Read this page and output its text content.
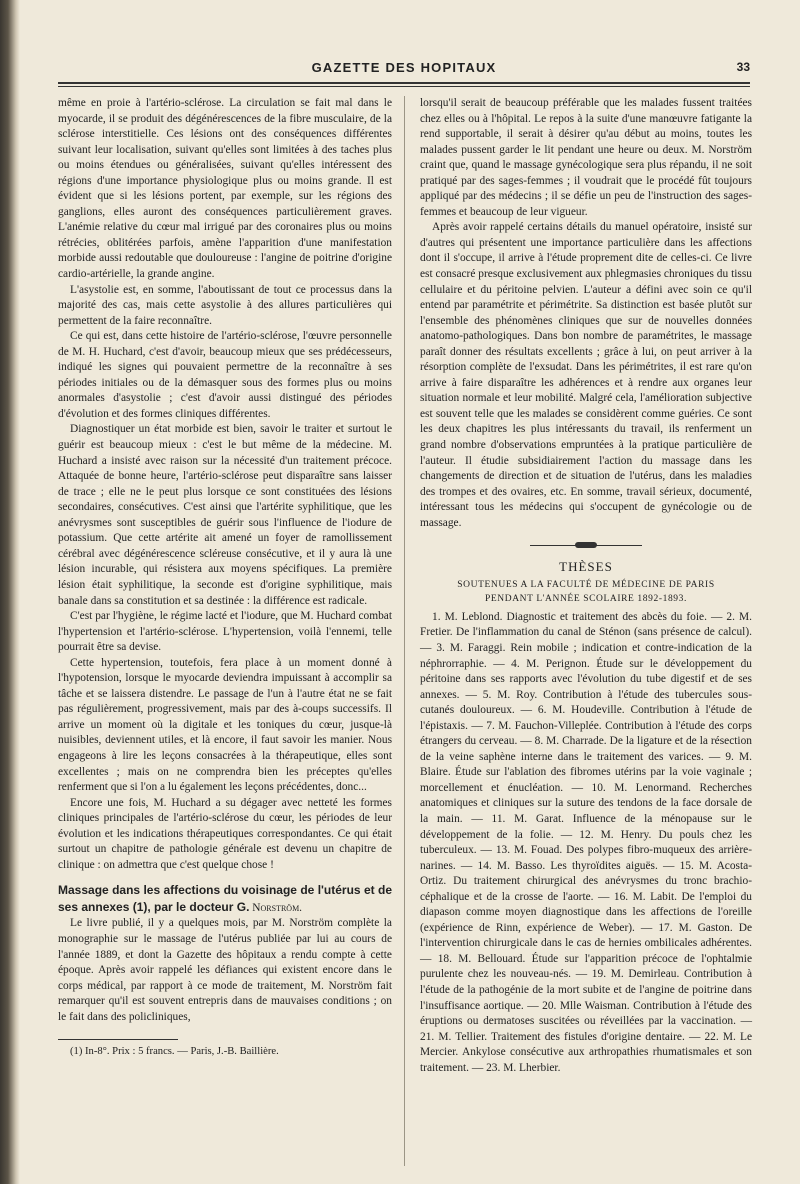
GAZETTE DES HOPITAUX	33

même en proie à l'artério-sclérose. La circulation se fait mal dans le myocarde, il se produit des dégénérescences de la fibre musculaire, de la sclérose interstitielle. Ces lésions ont des conséquences différentes suivant leur localisation, suivant qu'elles sont limitées à des taches plus ou moins étendues ou généralisées, suivant qu'elles intéressent des régions d'une importance physiologique plus ou moins grande. Il est évident que si les lésions portent, par exemple, sur les régions des ganglions, elles auront des conséquences particulièrement graves. L'anémie relative du cœur mal irrigué par des coronaires plus ou moins rétrécies, oblitérées parfois, amène l'apparition d'une manifestation morbide aussi redoutable que douloureuse : l'angine de poitrine d'origine cardio-artérielle, la grande angine.

L'asystolie est, en somme, l'aboutissant de tout ce processus dans la majorité des cas, mais cette asystolie à des allures particulières qui permettent de la faire reconnaître.

Ce qui est, dans cette histoire de l'artério-sclérose, l'œuvre personnelle de M. H. Huchard, c'est d'avoir, beaucoup mieux que ses prédécesseurs, indiqué les signes qui pouvaient permettre de la reconnaître à ses périodes initiales ou de la démasquer sous des formes plus ou moins anormales d'asystolie ; c'est d'avoir aussi distingué des périodes d'évolution et des formes cliniques différentes.

Diagnostiquer un état morbide est bien, savoir le traiter et surtout le guérir est beaucoup mieux : c'est le but même de la médecine. M. Huchard a insisté avec raison sur la nécessité d'un traitement précoce. Attaquée de bonne heure, l'artério-sclérose peut disparaître sans laisser de trace ; elle ne le peut plus lorsque ce sont constituées des lésions secondaires, consécutives. C'est ainsi que l'artérite syphilitique, que les anévrysmes sont susceptibles de guérir sous l'influence de l'iodure de potassium. Que cette artérite ait amené un foyer de ramollissement cérébral avec dégénérescence scléreuse consécutive, et il y aura là une lésion incurable, qui résistera aux moyens spécifiques. La première lésion était syphilitique, la seconde est d'origine syphilitique, mais banale dans sa constitution et sa destinée : la différence est radicale.

C'est par l'hygiène, le régime lacté et l'iodure, que M. Huchard combat l'hypertension et l'artério-sclérose. L'hypertension, voilà l'ennemi, telle pourrait être sa devise.

Cette hypertension, toutefois, fera place à un moment donné à l'hypotension, lorsque le myocarde deviendra impuissant à accomplir sa tâche et se laissera distendre. Le passage de l'un à l'autre état ne se fait pas régulièrement, progressivement, mais par des à-coups successifs. Il arrive un moment où la digitale et les toniques du cœur, jusque-là nuisibles, deviennent utiles, et là encore, il faut savoir les manier. Nous engageons à lire les leçons consacrées à la thérapeutique, elles sont excellentes ; mais on ne comprendra bien les préceptes qu'elles renferment que si l'on a lu également les leçons précédentes, donc...

Encore une fois, M. Huchard a su dégager avec netteté les formes cliniques principales de l'artério-sclérose du cœur, les périodes de leur évolution et les indications thérapeutiques correspondantes. Ce qui était surtout un chapitre de pathologie générale est devenu un chapitre de clinique : on admettra que c'est quelque chose !

Massage dans les affections du voisinage de l'utérus et de ses annexes (1), par le docteur G. Norström.

Le livre publié, il y a quelques mois, par M. Norström complète la monographie sur le massage de l'utérus publiée par lui au cours de l'année 1889, et dont la Gazette des hôpitaux a rendu compte à cette époque. Après avoir rappelé les défiances qui existent encore dans le corps médical, par rapport à ce mode de traitement, M. Norström fait remarquer qu'il est souvent entrepris dans de mauvaises conditions ; on le fait dans des policliniques,

(1) In-8°. Prix : 5 francs. — Paris, J.-B. Baillière.

lorsqu'il serait de beaucoup préférable que les malades fussent traitées chez elles ou à l'hôpital. Le repos à la suite d'une manœuvre fatigante la rend supportable, il serait à désirer qu'au début au moins, toutes les malades pussent garder le lit pendant une heure ou deux. M. Norström craint que, quand le massage gynécologique sera plus répandu, il ne soit pratiqué par des sages-femmes ; il voudrait que le procédé fût toujours appliqué par des médecins ; il se défie un peu de l'instruction des sages-femmes et beaucoup de leur vigueur.

Après avoir rappelé certains détails du manuel opératoire, insisté sur d'autres qui présentent une importance particulière dans les affections dont il s'occupe, il arrive à l'étude proprement dite de celles-ci. Ce livre est consacré presque exclusivement aux phlegmasies chroniques du tissu cellulaire et du péritoine pelvien. L'auteur a défini avec soin ce qu'il entend par paramétrite et périmétrite. Sa distinction est basée plutôt sur l'ensemble des phénomènes cliniques que sur de nouvelles données anatomo-pathologiques. Dans bon nombre de paramétrites, le massage paraît donner des résultats excellents ; grâce à lui, on peut arriver à la résorption complète de l'exsudat. Dans les périmétrites, il est rare qu'on arrive à faire disparaître les adhérences et à rendre aux organes leur situation normale et leur mobilité. Malgré cela, l'amélioration subjective est souvent telle que les malades se considèrent comme guéries. Ce sont les deux chapitres les plus intéressants du travail, ils renferment un grand nombre d'observations empruntées à la pratique particulière de l'auteur. Il étudie subsidiairement l'action du massage dans les changements de direction et de situation de l'utérus, dans les maladies des trompes et des ovaires, etc. En somme, travail sérieux, documenté, intéressant tous les médecins qui s'occupent de gynécologie ou de massage.

THÈSES
SOUTENUES A LA FACULTÉ DE MÉDECINE DE PARIS
PENDANT L'ANNÉE SCOLAIRE 1892-1893.

1. M. Leblond. Diagnostic et traitement des abcès du foie. — 2. M. Fretier. De l'inflammation du canal de Sténon (sans présence de calcul). — 3. M. Faraggi. Rein mobile ; indication et contre-indication de la néphrorraphie. — 4. M. Perignon. Étude sur le développement du péritoine dans ses rapports avec l'évolution du tube digestif et de ses annexes. — 5. M. Roy. Contribution à l'étude des tubercules sous-cutanés douloureux. — 6. M. Houdeville. Contribution à l'étude de l'épistaxis. — 7. M. Fauchon-Villeplée. Contribution à l'étude des corps étrangers du cerveau. — 8. M. Charrade. De la ligature et de la résection de la veine saphène interne dans le traitement des varices. — 9. M. Blaire. Étude sur l'ablation des fibromes utérins par la voie vaginale ; morcellement et énucléation. — 10. M. Lenormand. Recherches anatomiques et cliniques sur la suture des tendons de la face dorsale de la main. — 11. M. Garat. Influence de la ménopause sur le développement de la folie. — 12. M. Henry. Du pouls chez les tuberculeux. — 13. M. Fouad. Des polypes fibro-muqueux des arrière-narines. — 14. M. Basso. Les thyroïdites aiguës. — 15. M. Acosta-Ortiz. Du traitement chirurgical des anévrysmes du tronc brachio-céphalique et de la crosse de l'aorte. — 16. M. Labit. De l'emploi du diapason comme moyen diagnostique dans les affections de l'oreille (expérience de Rinn, expérience de Weber). — 17. M. Gaston. De l'intervention chirurgicale dans le cas de hernies ombilicales adhérentes. — 18. M. Bellouard. Étude sur l'apparition précoce de l'ophtalmie purulente chez les nouveau-nés. — 19. M. Demirleau. Contribution à l'étude de la pathogénie de la mort subite et de l'angine de poitrine dans l'insuffisance aortique. — 20. Mlle Waisman. Contribution à l'étude des éruptions ou dermatoses suscitées ou réveillées par la vaccination. — 21. M. Tellier. Traitement des fistules d'origine dentaire. — 22. M. Le Mercier. Ankylose consécutive aux arthropathies rhumatismales et son traitement. — 23. M. Lherbier.
